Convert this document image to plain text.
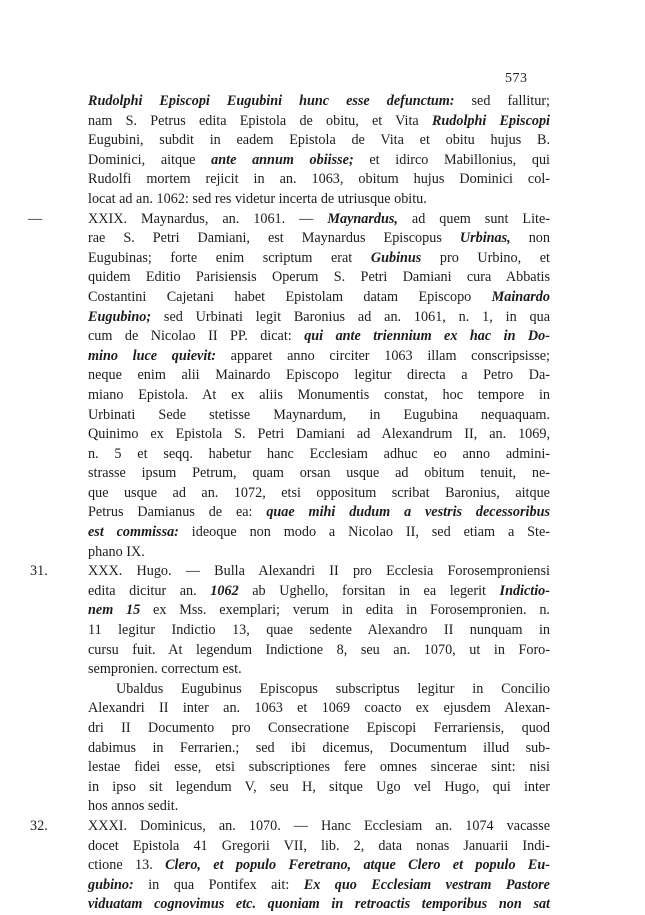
573
Rudolphi Episcopi Eugubini hunc esse defunctum: sed fallitur;
nam S. Petrus edita Epistola de obitu, et Vita Rudolphi Episcopi
Eugubini, subdit in eadem Epistola de Vita et obitu hujus B.
Dominici, aitque ante annum obiisse; et idirco Mabillonius, qui
Rudolfi mortem rejicit in an. 1063, obitum hujus Dominici col-
locat ad an. 1062: sed res videtur incerta de utriusque obitu.
—	XXIX. Maynardus, an. 1061. — Maynardus, ad quem sunt Lite-
rae S. Petri Damiani, est Maynardus Episcopus Urbinas, non
Eugubinas; forte enim scriptum erat Gubinus pro Urbino, et
quidem Editio Parisiensis Operum S. Petri Damiani cura Abbatis
Costantini Cajetani habet Epistolam datam Episcopo Mainardo
Eugubino; sed Urbinati legit Baronius ad an. 1061, n. 1, in qua
cum de Nicolao II PP. dicat: qui ante triennium ex hac in Do-
mino luce quievit: apparet anno circiter 1063 illam conscripsisse;
neque enim alii Mainardo Episcopo legitur directa a Petro Da-
miano Epistola. At ex aliis Monumentis constat, hoc tempore in
Urbinati Sede stetisse Maynardum, in Eugubina nequaquam.
Quinimo ex Epistola S. Petri Damiani ad Alexandrum II, an. 1069,
n. 5 et seqq. habetur hanc Ecclesiam adhuc eo anno admini-
strasse ipsum Petrum, quam orsan usque ad obitum tenuit, ne-
que usque ad an. 1072, etsi oppositum scribat Baronius, aitque
Petrus Damianus de ea: quae mihi dudum a vestris decessoribus
est commissa: ideoque non modo a Nicolao II, sed etiam a Ste-
phano IX.
31.	XXX. Hugo. — Bulla Alexandri II pro Ecclesia Forosemproniensi
edita dicitur an. 1062 ab Ughello, forsitan in ea legerit Indictio-
nem 15 ex Mss. exemplari; verum in edita in Forosempronien. n.
11 legitur Indictio 13, quae sedente Alexandro II nunquam in
cursu fuit. At legendum Indictione 8, seu an. 1070, ut in Foro-
sempronien. correctum est.
Ubaldus Eugubinus Episcopus subscriptus legitur in Concilio
Alexandri II inter an. 1063 et 1069 coacto ex ejusdem Alexan-
dri II Documento pro Consecratione Episcopi Ferrariensis, quod
dabimus in Ferrarien.; sed ibi dicemus, Documentum illud sub-
lestae fidei esse, etsi subscriptiones fere omnes sincerae sint: nisi
in ipso sit legendum V, seu H, sitque Ugo vel Hugo, qui inter
hos annos sedit.
32.	XXXI. Dominicus, an. 1070. — Hanc Ecclesiam an. 1074 vacasse
docet Epistola 41 Gregorii VII, lib. 2, data nonas Januarii Indi-
ctione 13. Clero, et populo Feretrano, atque Clero et populo Eu-
gubino: in qua Pontifex ait: Ex quo Ecclesiam vestram Pastore
viduatam cognovimus etc. quoniam in retroactis temporibus non sat
